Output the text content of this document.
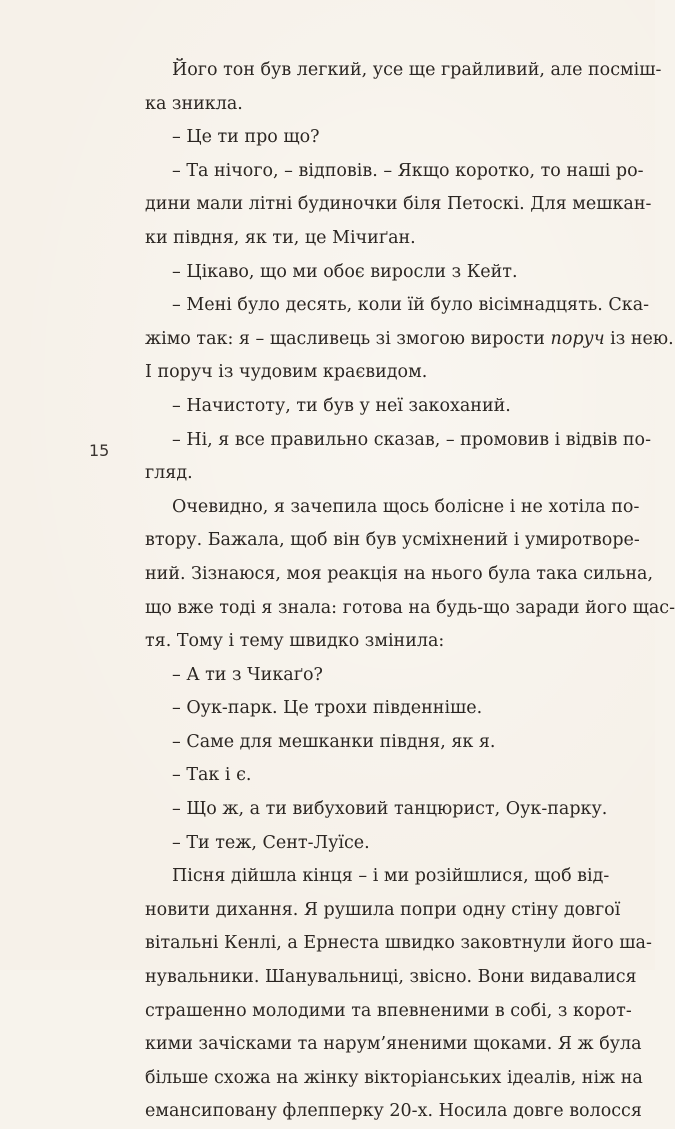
15
Його тон був легкий, усе ще грайливий, але посміш-
ка зникла.
– Це ти про що?
– Та нічого, – відповів. – Якщо коротко, то наші ро-
дини мали літні будиночки біля Петоскі. Для мешкан-
ки півдня, як ти, це Мічиґан.
– Цікаво, що ми обоє виросли з Кейт.
– Мені було десять, коли їй було вісімнадцять. Ска-
жімо так: я – щасливець зі змогою вирости поруч із нею.
І поруч із чудовим краєвидом.
– Начистоту, ти був у неї закоханий.
– Ні, я все правильно сказав, – промовив і відвів по-
гляд.
Очевидно, я зачепила щось болісне і не хотіла по-
втору. Бажала, щоб він був усміхнений і умиротворе-
ний. Зізнаюся, моя реакція на нього була така сильна,
що вже тоді я знала: готова на будь-що заради його щас-
тя. Тому і тему швидко змінила:
– А ти з Чикаґо?
– Оук-парк. Це трохи південніше.
– Саме для мешканки півдня, як я.
– Так і є.
– Що ж, а ти вибуховий танцюрист, Оук-парку.
– Ти теж, Сент-Луїсе.
Пісня дійшла кінця – і ми розійшлися, щоб від-
новити дихання. Я рушила попри одну стіну довгої
вітальні Кенлі, а Ернеста швидко заковтнули його ша-
нувальники. Шанувальниці, звісно. Вони видавалися
страшенно молодими та впевненими в собі, з корот-
кими зачісками та нарум’яненими щоками. Я ж була
більше схожа на жінку вікторіанських ідеалів, ніж на
емансиповану флепперку 20-х. Носила довге волосся
